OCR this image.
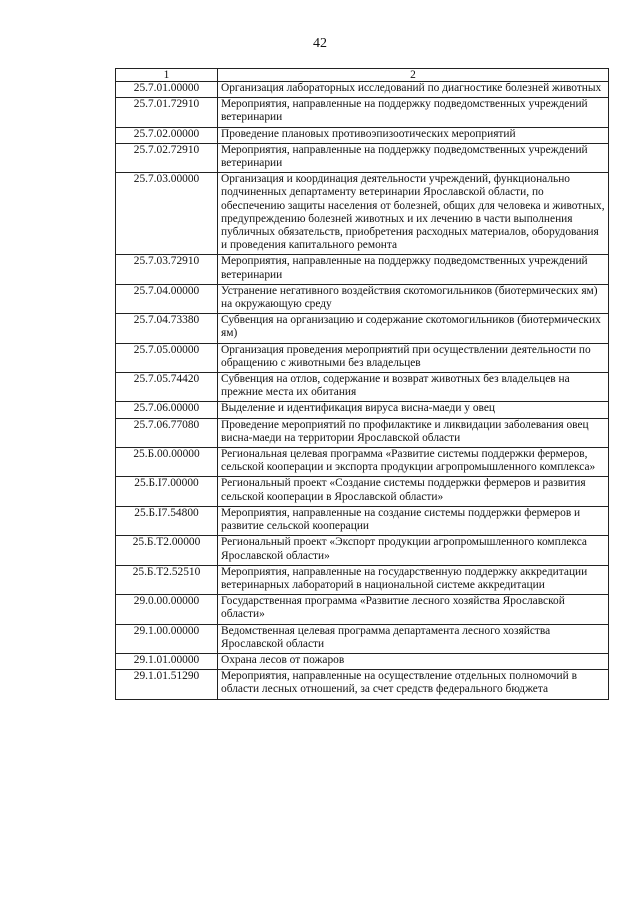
42
1	2
25.7.01.00000	Организация лабораторных исследований по диагностике болезней животных
25.7.01.72910	Мероприятия, направленные на поддержку подведомственных учреждений ветеринарии
25.7.02.00000	Проведение плановых противоэпизоотических мероприятий
25.7.02.72910	Мероприятия, направленные на поддержку подведомственных учреждений ветеринарии
25.7.03.00000	Организация и координация деятельности учреждений, функционально подчиненных департаменту ветеринарии Ярославской области, по обеспечению защиты населения от болезней, общих для человека и животных, предупреждению болезней животных и их лечению в части выполнения публичных обязательств, приобретения расходных материалов, оборудования и проведения капитального ремонта
25.7.03.72910	Мероприятия, направленные на поддержку подведомственных учреждений ветеринарии
25.7.04.00000	Устранение негативного воздействия скотомогильников (биотермических ям) на окружающую среду
25.7.04.73380	Субвенция на организацию и содержание скотомогильников (биотермических ям)
25.7.05.00000	Организация проведения мероприятий при осуществлении деятельности по обращению с животными без владельцев
25.7.05.74420	Субвенция на отлов, содержание и возврат животных без владельцев на прежние места их обитания
25.7.06.00000	Выделение и идентификация вируса висна-маеди у овец
25.7.06.77080	Проведение мероприятий по профилактике и ликвидации заболевания овец висна-маеди на территории Ярославской области
25.Б.00.00000	Региональная целевая программа «Развитие системы поддержки фермеров, сельской кооперации и экспорта продукции агропромышленного комплекса»
25.Б.I7.00000	Региональный проект «Создание системы поддержки фермеров и развития сельской кооперации в Ярославской области»
25.Б.I7.54800	Мероприятия, направленные на создание системы поддержки фермеров и развитие сельской кооперации
25.Б.T2.00000	Региональный проект «Экспорт продукции агропромышленного комплекса Ярославской области»
25.Б.T2.52510	Мероприятия, направленные на государственную поддержку аккредитации ветеринарных лабораторий в национальной системе аккредитации
29.0.00.00000	Государственная программа «Развитие лесного хозяйства Ярославской области»
29.1.00.00000	Ведомственная целевая программа департамента лесного хозяйства Ярославской области
29.1.01.00000	Охрана лесов от пожаров
29.1.01.51290	Мероприятия, направленные на осуществление отдельных полномочий в области лесных отношений, за счет средств федерального бюджета
